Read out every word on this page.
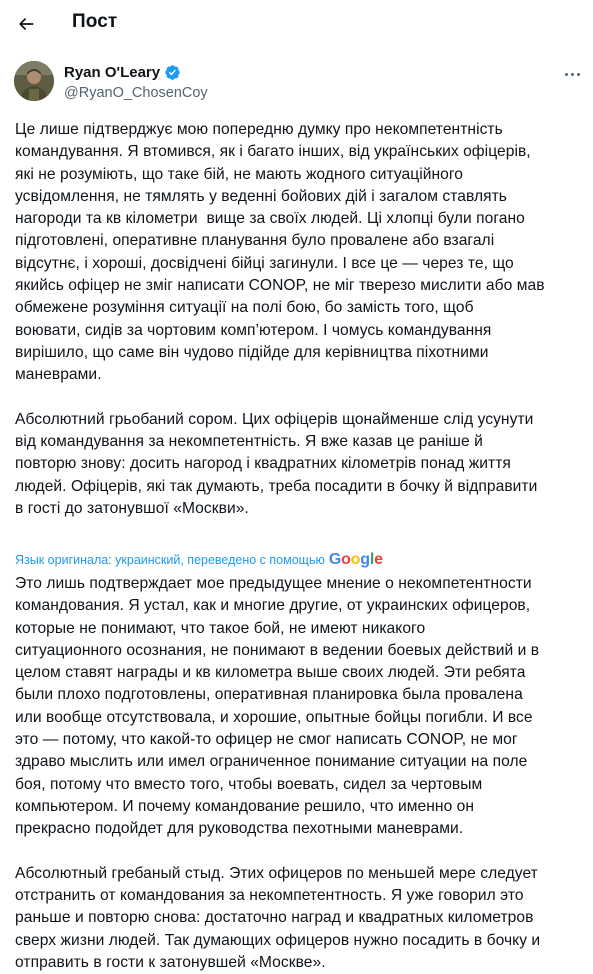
Пост
Ryan O'Leary
@RyanO_ChosenCoy
Це лише підтверджує мою попередню думку про некомпетентність
командування. Я втомився, як і багато інших, від українських офіцерів,
які не розуміють, що таке бій, не мають жодного ситуаційного
усвідомлення, не тямлять у веденні бойових дій і загалом ставлять
нагороди та кв кілометри  вище за своїх людей. Ці хлопці були погано
підготовлені, оперативне планування було провалене або взагалі
відсутнє, і хороші, досвідчені бійці загинули. І все це — через те, що
якийсь офіцер не зміг написати CONOP, не міг тверезо мислити або мав
обмежене розуміння ситуації на полі бою, бо замість того, щоб
воювати, сидів за чортовим комп’ютером. І чомусь командування
вирішило, що саме він чудово підійде для керівництва піхотними
маневрами.

Абсолютний грьобаний сором. Цих офіцерів щонайменше слід усунути
від командування за некомпетентність. Я вже казав це раніше й
повторю знову: досить нагород і квадратних кілометрів понад життя
людей. Офіцерів, які так думають, треба посадити в бочку й відправити
в гості до затонувшої «Москви».
Язык оригинала: украинский, переведено с помощью Google
Это лишь подтверждает мое предыдущее мнение о некомпетентности
командования. Я устал, как и многие другие, от украинских офицеров,
которые не понимают, что такое бой, не имеют никакого
ситуационного осознания, не понимают в ведении боевых действий и в
целом ставят награды и кв километра выше своих людей. Эти ребята
были плохо подготовлены, оперативная планировка была провалена
или вообще отсутствовала, и хорошие, опытные бойцы погибли. И все
это — потому, что какой-то офицер не смог написать CONOP, не мог
здраво мыслить или имел ограниченное понимание ситуации на поле
боя, потому что вместо того, чтобы воевать, сидел за чертовым
компьютером. И почему командование решило, что именно он
прекрасно подойдет для руководства пехотными маневрами.

Абсолютный гребаный стыд. Этих офицеров по меньшей мере следует
отстранить от командования за некомпетентность. Я уже говорил это
раньше и повторю снова: достаточно наград и квадратных километров
сверх жизни людей. Так думающих офицеров нужно посадить в бочку и
отправить в гости к затонувшей «Москве».
